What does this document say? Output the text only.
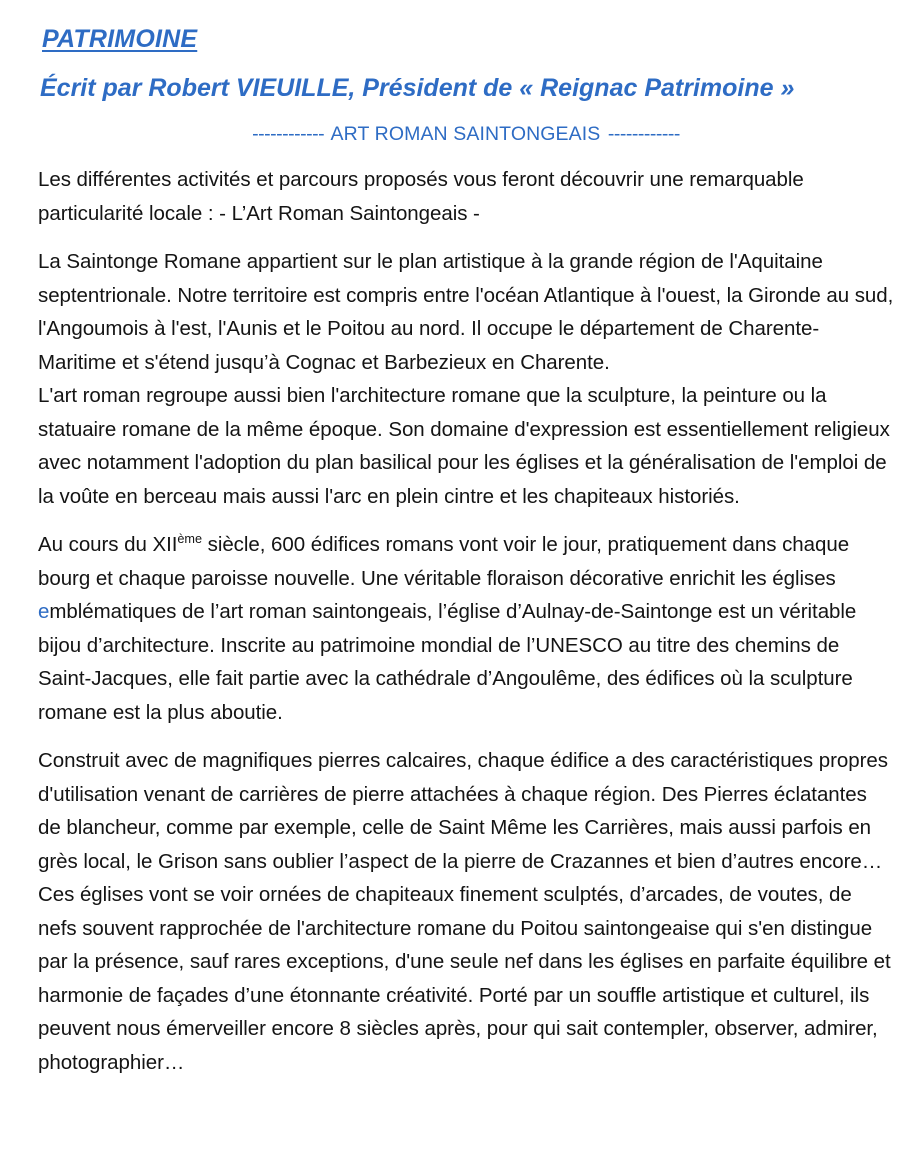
PATRIMOINE
Écrit par Robert VIEUILLE, Président de « Reignac Patrimoine »
------------ ART ROMAN SAINTONGEAIS ------------

Les différentes activités et parcours proposés vous feront découvrir une remarquable particularité locale : - L’Art Roman Saintongeais -

La Saintonge Romane appartient sur le plan artistique à la grande région de l'Aquitaine septentrionale. Notre territoire est compris entre l'océan Atlantique à l'ouest, la Gironde au sud, l'Angoumois à l'est, l'Aunis et le Poitou au nord. Il occupe le département de Charente-Maritime et s'étend jusqu’à Cognac et Barbezieux en Charente.

L'art roman regroupe aussi bien l'architecture romane que la sculpture, la peinture ou la statuaire romane de la même époque. Son domaine d'expression est essentiellement religieux avec notamment l'adoption du plan basilical pour les églises et la généralisation de l'emploi de la voûte en berceau mais aussi l'arc en plein cintre et les chapiteaux historiés.

Au cours du XIIème siècle, 600 édifices romans vont voir le jour, pratiquement dans chaque bourg et chaque paroisse nouvelle. Une véritable floraison décorative enrichit les églises emblématiques de l’art roman saintongeais, l’église d’Aulnay-de-Saintonge est un véritable bijou d’architecture. Inscrite au patrimoine mondial de l’UNESCO au titre des chemins de Saint-Jacques, elle fait partie avec la cathédrale d’Angoulême, des édifices où la sculpture romane est la plus aboutie.

Construit avec de magnifiques pierres calcaires, chaque édifice a des caractéristiques propres d'utilisation venant de carrières de pierre attachées à chaque région. Des Pierres éclatantes de blancheur, comme par exemple, celle de Saint Même les Carrières, mais aussi parfois en grès local, le Grison sans oublier l’aspect de la pierre de Crazannes et bien d’autres encore… Ces églises vont se voir ornées de chapiteaux finement sculptés, d’arcades, de voutes, de nefs souvent rapprochée de l'architecture romane du Poitou saintongeaise qui s'en distingue par la présence, sauf rares exceptions, d'une seule nef dans les églises en parfaite équilibre et harmonie de façades d’une étonnante créativité. Porté par un souffle artistique et culturel, ils peuvent nous émerveiller encore 8 siècles après, pour qui sait contempler, observer, admirer, photographier…
